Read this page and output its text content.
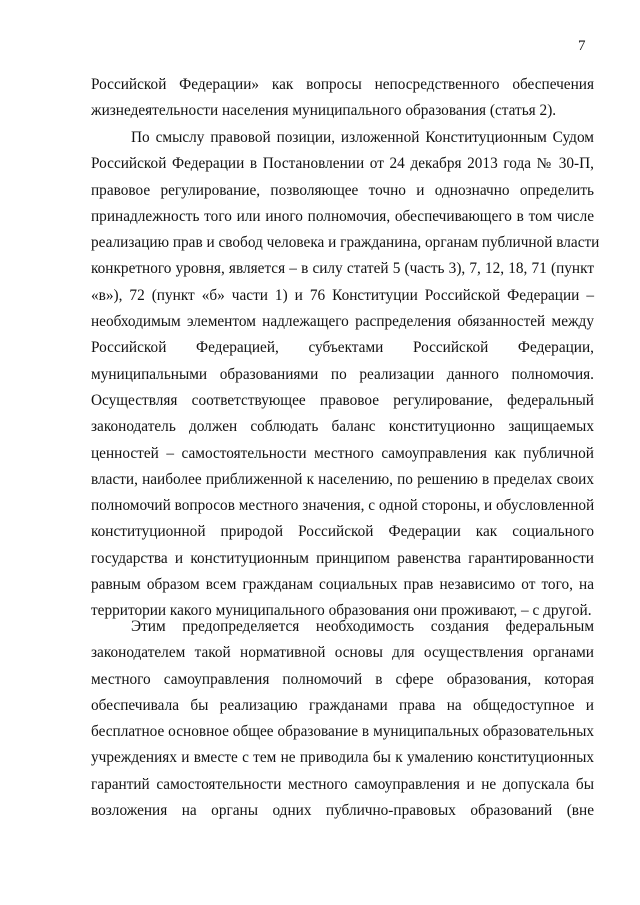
7
Российской Федерации» как вопросы непосредственного обеспечения
жизнедеятельности населения муниципального образования (статья 2).
По смыслу правовой позиции, изложенной Конституционным Судом
Российской Федерации в Постановлении от 24 декабря 2013 года № 30-П,
правовое регулирование, позволяющее точно и однозначно определить
принадлежность того или иного полномочия, обеспечивающего в том числе
реализацию прав и свобод человека и гражданина, органам публичной власти
конкретного уровня, является – в силу статей 5 (часть 3), 7, 12, 18, 71 (пункт
«в»), 72 (пункт «б» части 1) и 76 Конституции Российской Федерации –
необходимым элементом надлежащего распределения обязанностей между
Российской Федерацией, субъектами Российской Федерации,
муниципальными образованиями по реализации данного полномочия.
Осуществляя соответствующее правовое регулирование, федеральный
законодатель должен соблюдать баланс конституционно защищаемых
ценностей – самостоятельности местного самоуправления как публичной
власти, наиболее приближенной к населению, по решению в пределах своих
полномочий вопросов местного значения, с одной стороны, и обусловленной
конституционной природой Российской Федерации как социального
государства и конституционным принципом равенства гарантированности
равным образом всем гражданам социальных прав независимо от того, на
территории какого муниципального образования они проживают, – с другой.
Этим предопределяется необходимость создания федеральным
законодателем такой нормативной основы для осуществления органами
местного самоуправления полномочий в сфере образования, которая
обеспечивала бы реализацию гражданами права на общедоступное и
бесплатное основное общее образование в муниципальных образовательных
учреждениях и вместе с тем не приводила бы к умалению конституционных
гарантий самостоятельности местного самоуправления и не допускала бы
возложения на органы одних публично-правовых образований (вне
